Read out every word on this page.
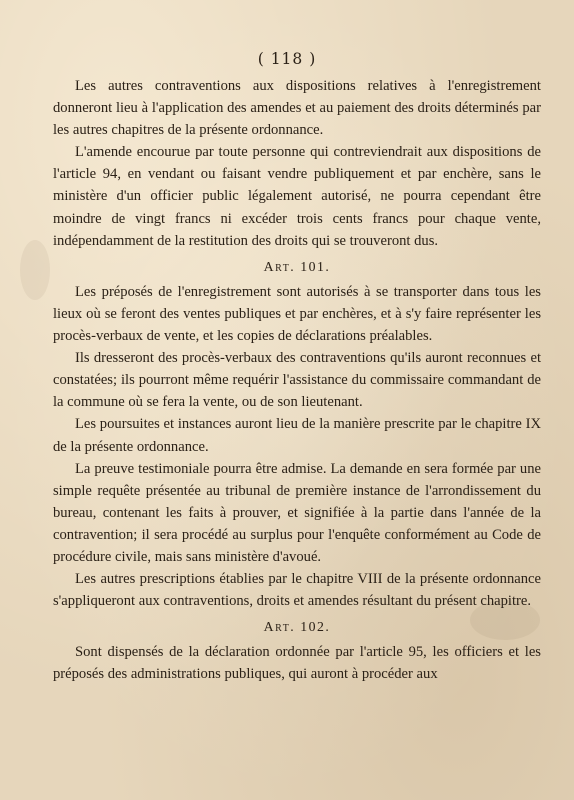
( 118 )

Les autres contraventions aux dispositions relatives à l'enregistrement donneront lieu à l'application des amendes et au paiement des droits déterminés par les autres chapitres de la présente ordonnance.

L'amende encourue par toute personne qui contreviendrait aux dispositions de l'article 94, en vendant ou faisant vendre publiquement et par enchère, sans le ministère d'un officier public légalement autorisé, ne pourra cependant être moindre de vingt francs ni excéder trois cents francs pour chaque vente, indépendamment de la restitution des droits qui se trouveront dus.

Art. 101.

Les préposés de l'enregistrement sont autorisés à se transporter dans tous les lieux où se feront des ventes publiques et par enchères, et à s'y faire représenter les procès-verbaux de vente, et les copies de déclarations préalables.

Ils dresseront des procès-verbaux des contraventions qu'ils auront reconnues et constatées; ils pourront même requérir l'assistance du commissaire commandant de la commune où se fera la vente, ou de son lieutenant.

Les poursuites et instances auront lieu de la manière prescrite par le chapitre IX de la présente ordonnance.

La preuve testimoniale pourra être admise. La demande en sera formée par une simple requête présentée au tribunal de première instance de l'arrondissement du bureau, contenant les faits à prouver, et signifiée à la partie dans l'année de la contravention; il sera procédé au surplus pour l'enquête conformément au Code de procédure civile, mais sans ministère d'avoué.

Les autres prescriptions établies par le chapitre VIII de la présente ordonnance s'appliqueront aux contraventions, droits et amendes résultant du présent chapitre.

Art. 102.

Sont dispensés de la déclaration ordonnée par l'article 95, les officiers et les préposés des administrations publiques, qui auront à procéder aux
